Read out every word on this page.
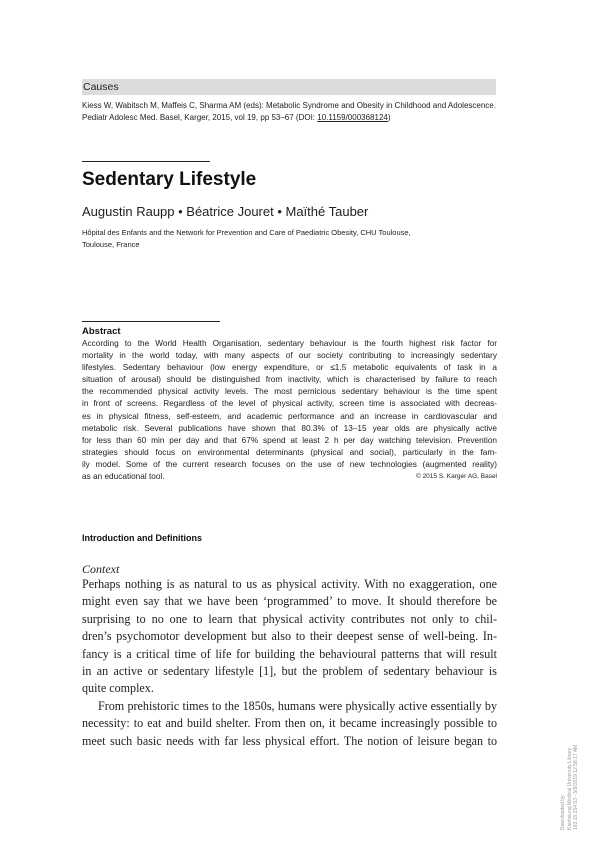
Causes
Kiess W, Wabitsch M, Maffeis C, Sharma AM (eds): Metabolic Syndrome and Obesity in Childhood and Adolescence.
Pediatr Adolesc Med. Basel, Karger, 2015, vol 19, pp 53–67 (DOI: 10.1159/000368124)
Sedentary Lifestyle
Augustin Raupp • Béatrice Jouret • Maïthé Tauber
Hôpital des Enfants and the Network for Prevention and Care of Paediatric Obesity, CHU Toulouse,
Toulouse, France
Abstract
According to the World Health Organisation, sedentary behaviour is the fourth highest risk factor for
mortality in the world today, with many aspects of our society contributing to increasingly sedentary
lifestyles. Sedentary behaviour (low energy expenditure, or ≤1.5 metabolic equivalents of task in a
situation of arousal) should be distinguished from inactivity, which is characterised by failure to reach
the recommended physical activity levels. The most pernicious sedentary behaviour is the time spent
in front of screens. Regardless of the level of physical activity, screen time is associated with decreas-
es in physical fitness, self-esteem, and academic performance and an increase in cardiovascular and
metabolic risk. Several publications have shown that 80.3% of 13–15 year olds are physically active
for less than 60 min per day and that 67% spend at least 2 h per day watching television. Prevention
strategies should focus on environmental determinants (physical and social), particularly in the fam-
ily model. Some of the current research focuses on the use of new technologies (augmented reality)
as an educational tool.	© 2015 S. Karger AG, Basel
Introduction and Definitions
Context
Perhaps nothing is as natural to us as physical activity. With no exaggeration, one
might even say that we have been ‘programmed’ to move. It should therefore be
surprising to no one to learn that physical activity contributes not only to chil-
dren’s psychomotor development but also to their deepest sense of well-being. In-
fancy is a critical time of life for building the behavioural patterns that will result
in an active or sedentary lifestyle [1], but the problem of sedentary behaviour is
quite complex.
From prehistoric times to the 1850s, humans were physically active essentially by
necessity: to eat and build shelter. From then on, it became increasingly possible to
meet such basic needs with far less physical effort. The notion of leisure began to
Downloaded by: Kaohsiung Medical University Library 163.15.154.53 - 5/9/2019 12:58:17 AM
